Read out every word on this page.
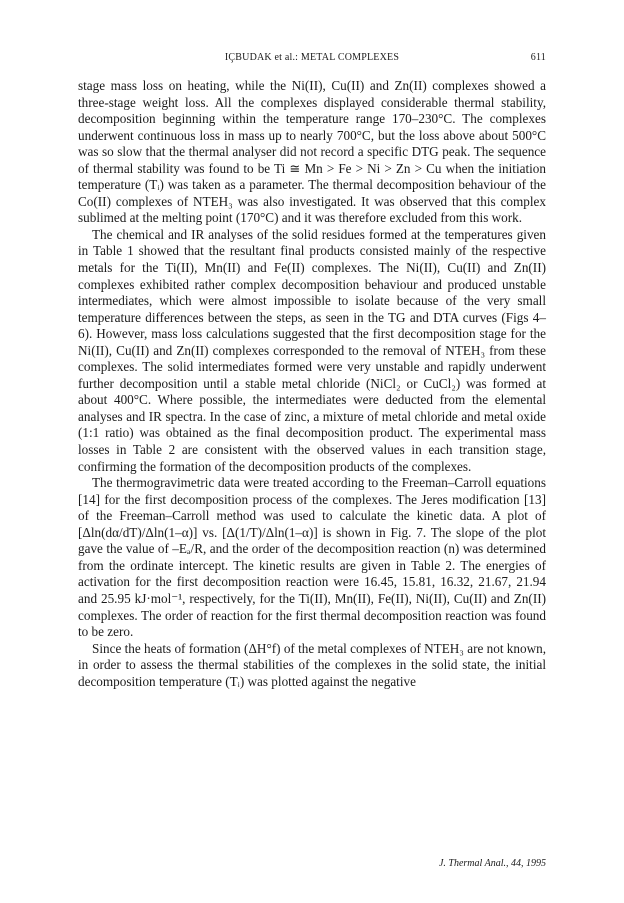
IÇBUDAK et al.: METAL COMPLEXES	611

stage mass loss on heating, while the Ni(II), Cu(II) and Zn(II) complexes showed a three-stage weight loss. All the complexes displayed considerable thermal stability, decomposition beginning within the temperature range 170–230°C. The complexes underwent continuous loss in mass up to nearly 700°C, but the loss above about 500°C was so slow that the thermal analyser did not record a specific DTG peak. The sequence of thermal stability was found to be Ti ≅ Mn > Fe > Ni > Zn > Cu when the initiation temperature (Tᵢ) was taken as a parameter. The thermal decomposition behaviour of the Co(II) complexes of NTEH₃ was also investigated. It was observed that this complex sublimed at the melting point (170°C) and it was therefore excluded from this work.

The chemical and IR analyses of the solid residues formed at the temperatures given in Table 1 showed that the resultant final products consisted mainly of the respective metals for the Ti(II), Mn(II) and Fe(II) complexes. The Ni(II), Cu(II) and Zn(II) complexes exhibited rather complex decomposition behaviour and produced unstable intermediates, which were almost impossible to isolate because of the very small temperature differences between the steps, as seen in the TG and DTA curves (Figs 4–6). However, mass loss calculations suggested that the first decomposition stage for the Ni(II), Cu(II) and Zn(II) complexes corresponded to the removal of NTEH₃ from these complexes. The solid intermediates formed were very unstable and rapidly underwent further decomposition until a stable metal chloride (NiCl₂ or CuCl₂) was formed at about 400°C. Where possible, the intermediates were deducted from the elemental analyses and IR spectra. In the case of zinc, a mixture of metal chloride and metal oxide (1:1 ratio) was obtained as the final decomposition product. The experimental mass losses in Table 2 are consistent with the observed values in each transition stage, confirming the formation of the decomposition products of the complexes.

The thermogravimetric data were treated according to the Freeman–Carroll equations [14] for the first decomposition process of the complexes. The Jeres modification [13] of the Freeman–Carroll method was used to calculate the kinetic data. A plot of [Δln(dα/dT)/Δln(1–α)] vs. [Δ(1/T)/Δln(1–α)] is shown in Fig. 7. The slope of the plot gave the value of –Eₐ/R, and the order of the decomposition reaction (n) was determined from the ordinate intercept. The kinetic results are given in Table 2. The energies of activation for the first decomposition reaction were 16.45, 15.81, 16.32, 21.67, 21.94 and 25.95 kJ·mol⁻¹, respectively, for the Ti(II), Mn(II), Fe(II), Ni(II), Cu(II) and Zn(II) complexes. The order of reaction for the first thermal decomposition reaction was found to be zero.

Since the heats of formation (ΔH°f) of the metal complexes of NTEH₃ are not known, in order to assess the thermal stabilities of the complexes in the solid state, the initial decomposition temperature (Tᵢ) was plotted against the negative

J. Thermal Anal., 44, 1995
